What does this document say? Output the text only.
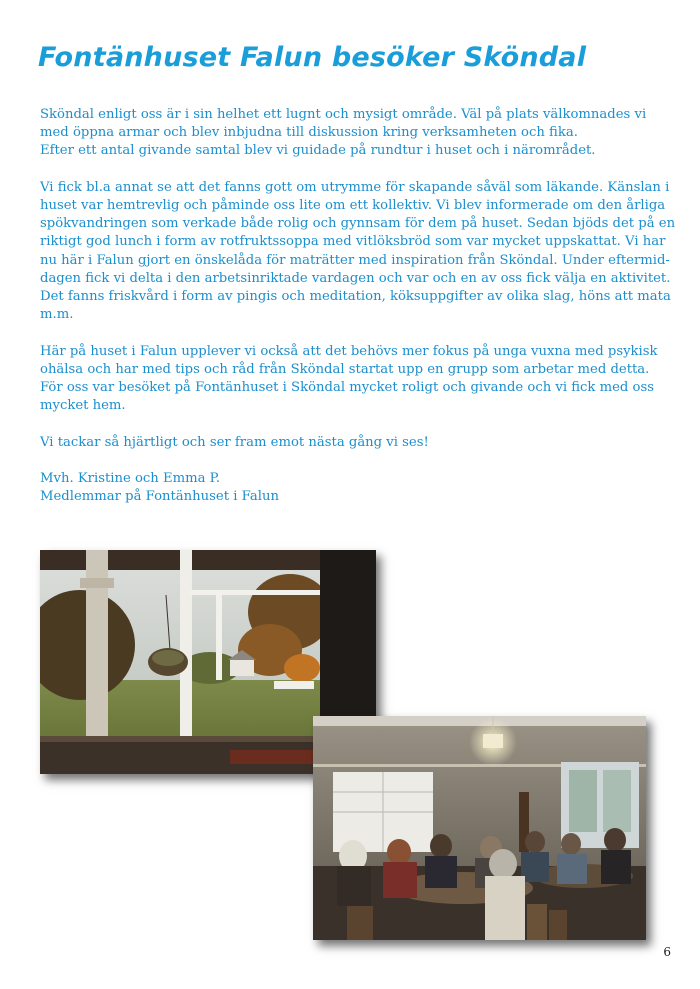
Fontänhuset Falun besöker Sköndal

Sköndal enligt oss är i sin helhet ett lugnt och mysigt område. Väl på plats välkomnades vi
med öppna armar och blev inbjudna till diskussion kring verksamheten och fika.
Efter ett antal givande samtal blev vi guidade på rundtur i huset och i närområdet.

Vi fick bl.a annat se att det fanns gott om utrymme för skapande såväl som läkande. Känslan i
huset var hemtrevlig och påminde oss lite om ett kollektiv. Vi blev informerade om den årliga
spökvandringen som verkade både rolig och gynnsam för dem på huset. Sedan bjöds det på en
riktigt god lunch i form av rotfruktssoppa med vitlöksbröd som var mycket uppskattat. Vi har
nu här i Falun gjort en önskelåda för maträtter med inspiration från Sköndal. Under eftermid-
dagen fick vi delta i den arbetsinriktade vardagen och var och en av oss fick välja en aktivitet.
Det fanns friskvård i form av pingis och meditation, köksuppgifter av olika slag, höns att mata
m.m.

Här på huset i Falun upplever vi också att det behövs mer fokus på unga vuxna med psykisk
ohälsa och har med tips och råd från Sköndal startat upp en grupp som arbetar med detta.
För oss var besöket på Fontänhuset i Sköndal mycket roligt och givande och vi fick med oss
mycket hem.

Vi tackar så hjärtligt och ser fram emot nästa gång vi ses!

Mvh. Kristine och Emma P.
Medlemmar på Fontänhuset i Falun

6
